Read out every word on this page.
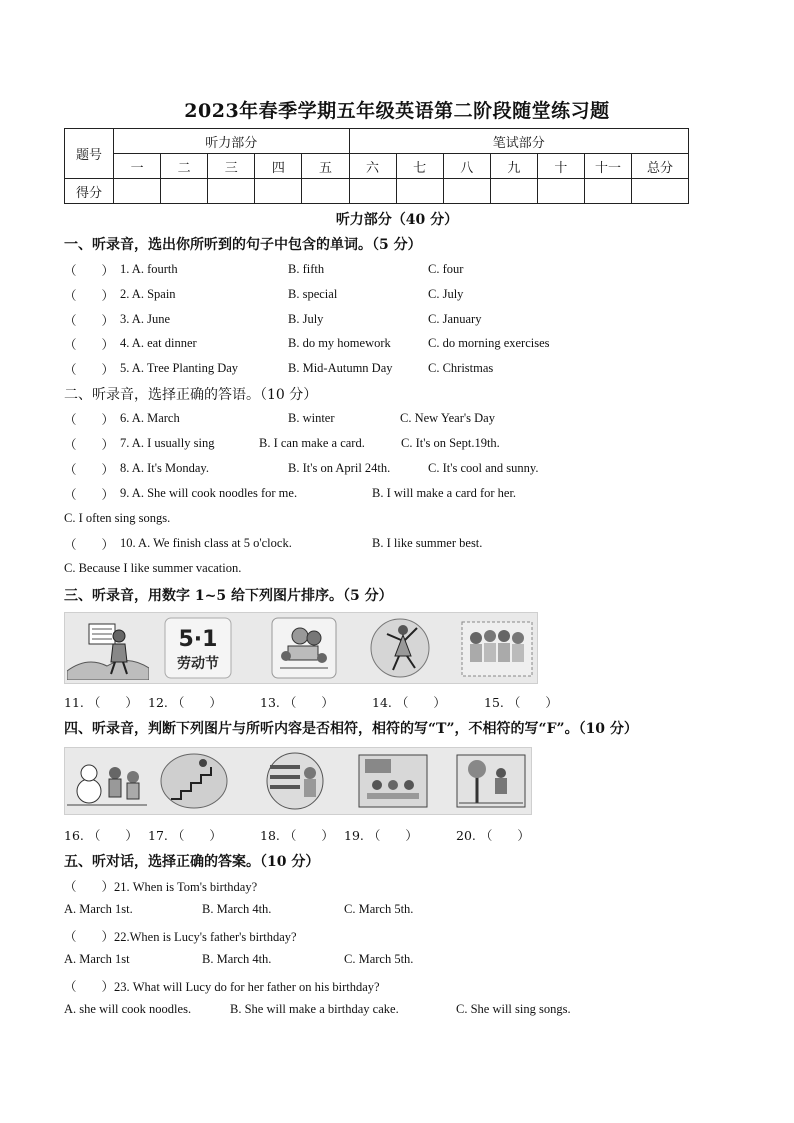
2023年春季学期五年级英语第二阶段随堂练习题
题号	听力部分					笔试部分						
	一	二	三	四	五	六	七	八	九	十	十一	总分
得分												
听力部分（40 分）
一、听录音，选出你所听到的句子中包含的单词。（5 分）
（　　） 1. A. fourth	B. fifth	C. four
（　　） 2. A. Spain	B. special	C. July
（　　） 3. A. June	B. July	C. January
（　　） 4. A. eat dinner	B. do my homework	C. do morning exercises
（　　） 5. A. Tree Planting Day	B. Mid-Autumn Day	C. Christmas
二、听录音，选择正确的答语。（10 分）
（　　） 6. A. March	B. winter	C. New Year's Day
（　　） 7. A. I usually sing	B. I can make a card.	C. It's on Sept.19th.
（　　） 8. A. It's Monday.	B. It's on April 24th.	C. It's cool and sunny.
（　　） 9. A. She will cook noodles for me.	B. I will make a card for her.
C. I often sing songs.
（　　） 10. A. We finish class at 5 o'clock.	B. I like summer best.
C. Because I like summer vacation.
三、听录音，用数字 1~5 给下列图片排序。（5 分）
5·1
劳动节
11. （　　） 12. （　　）	13. （　　）	14. （　　）	15. （　　）
四、听录音，判断下列图片与所听内容是否相符，相符的写“T”，不相符的写“F”。（10 分）
16. （　　） 17. （　　）	18. （　　） 19. （　　）	20. （　　）
五、听对话，选择正确的答案。（10 分）
（　　）21. When is Tom's birthday?
A. March 1st.	B. March 4th.	C. March 5th.
（　　）22.When is Lucy's father's birthday?
A. March 1st	B. March 4th.	C. March 5th.
（　　）23. What will Lucy do for her father on his birthday?
A. she will cook noodles.	B. She will make a birthday cake.	C. She will sing songs.
